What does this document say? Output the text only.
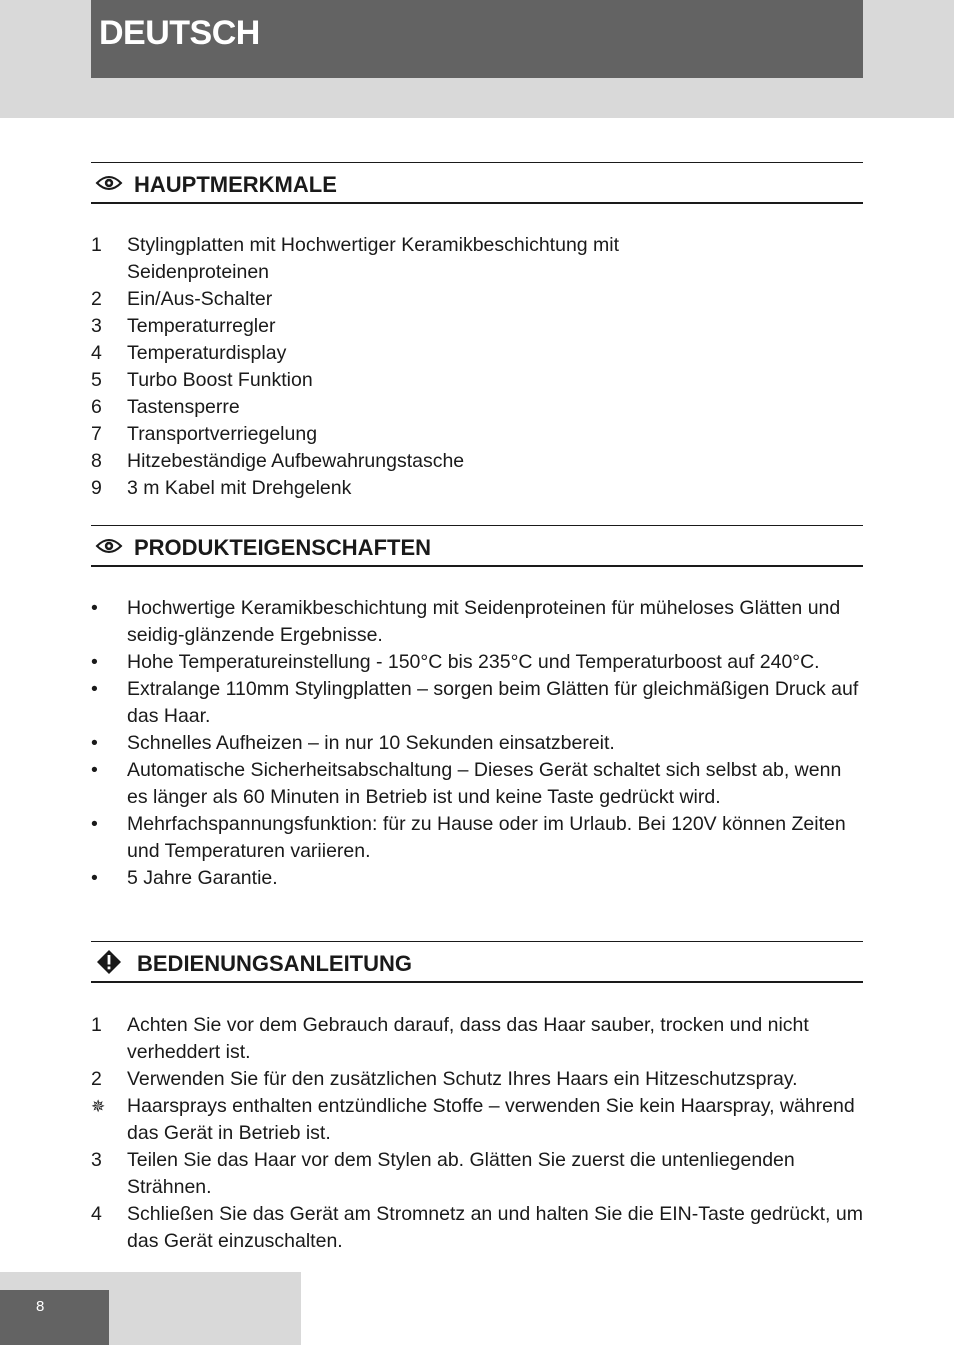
DEUTSCH
HAUPTMERKMALE
1	Stylingplatten mit Hochwertiger Keramikbeschichtung mit Seidenproteinen
2	Ein/Aus-Schalter
3	Temperaturregler
4	Temperaturdisplay
5	Turbo Boost Funktion
6	Tastensperre
7	Transportverriegelung
8	Hitzebeständige Aufbewahrungstasche
9	3 m Kabel mit Drehgelenk
PRODUKTEIGENSCHAFTEN
•	Hochwertige Keramikbeschichtung mit Seidenproteinen für müheloses Glätten und seidig-glänzende Ergebnisse.
•	Hohe Temperatureinstellung - 150°C bis 235°C und Temperaturboost auf 240°C.
•	Extralange 110mm Stylingplatten – sorgen beim Glätten für gleichmäßigen Druck auf das Haar.
•	Schnelles Aufheizen – in nur 10 Sekunden einsatzbereit.
•	Automatische Sicherheitsabschaltung – Dieses Gerät schaltet sich selbst ab, wenn es länger als 60 Minuten in Betrieb ist und keine Taste gedrückt wird.
•	Mehrfachspannungsfunktion: für zu Hause oder im Urlaub. Bei 120V können Zeiten und Temperaturen variieren.
•	5 Jahre Garantie.
BEDIENUNGSANLEITUNG
1	Achten Sie vor dem Gebrauch darauf, dass das Haar sauber, trocken und nicht verheddert ist.
2	Verwenden Sie für den zusätzlichen Schutz Ihres Haars ein Hitzeschutzspray.
✵	Haarsprays enthalten entzündliche Stoffe – verwenden Sie kein Haarspray, während das Gerät in Betrieb ist.
3	Teilen Sie das Haar vor dem Stylen ab. Glätten Sie zuerst die untenliegenden Strähnen.
4	Schließen Sie das Gerät am Stromnetz an und halten Sie die EIN-Taste gedrückt, um das Gerät einzuschalten.
8
